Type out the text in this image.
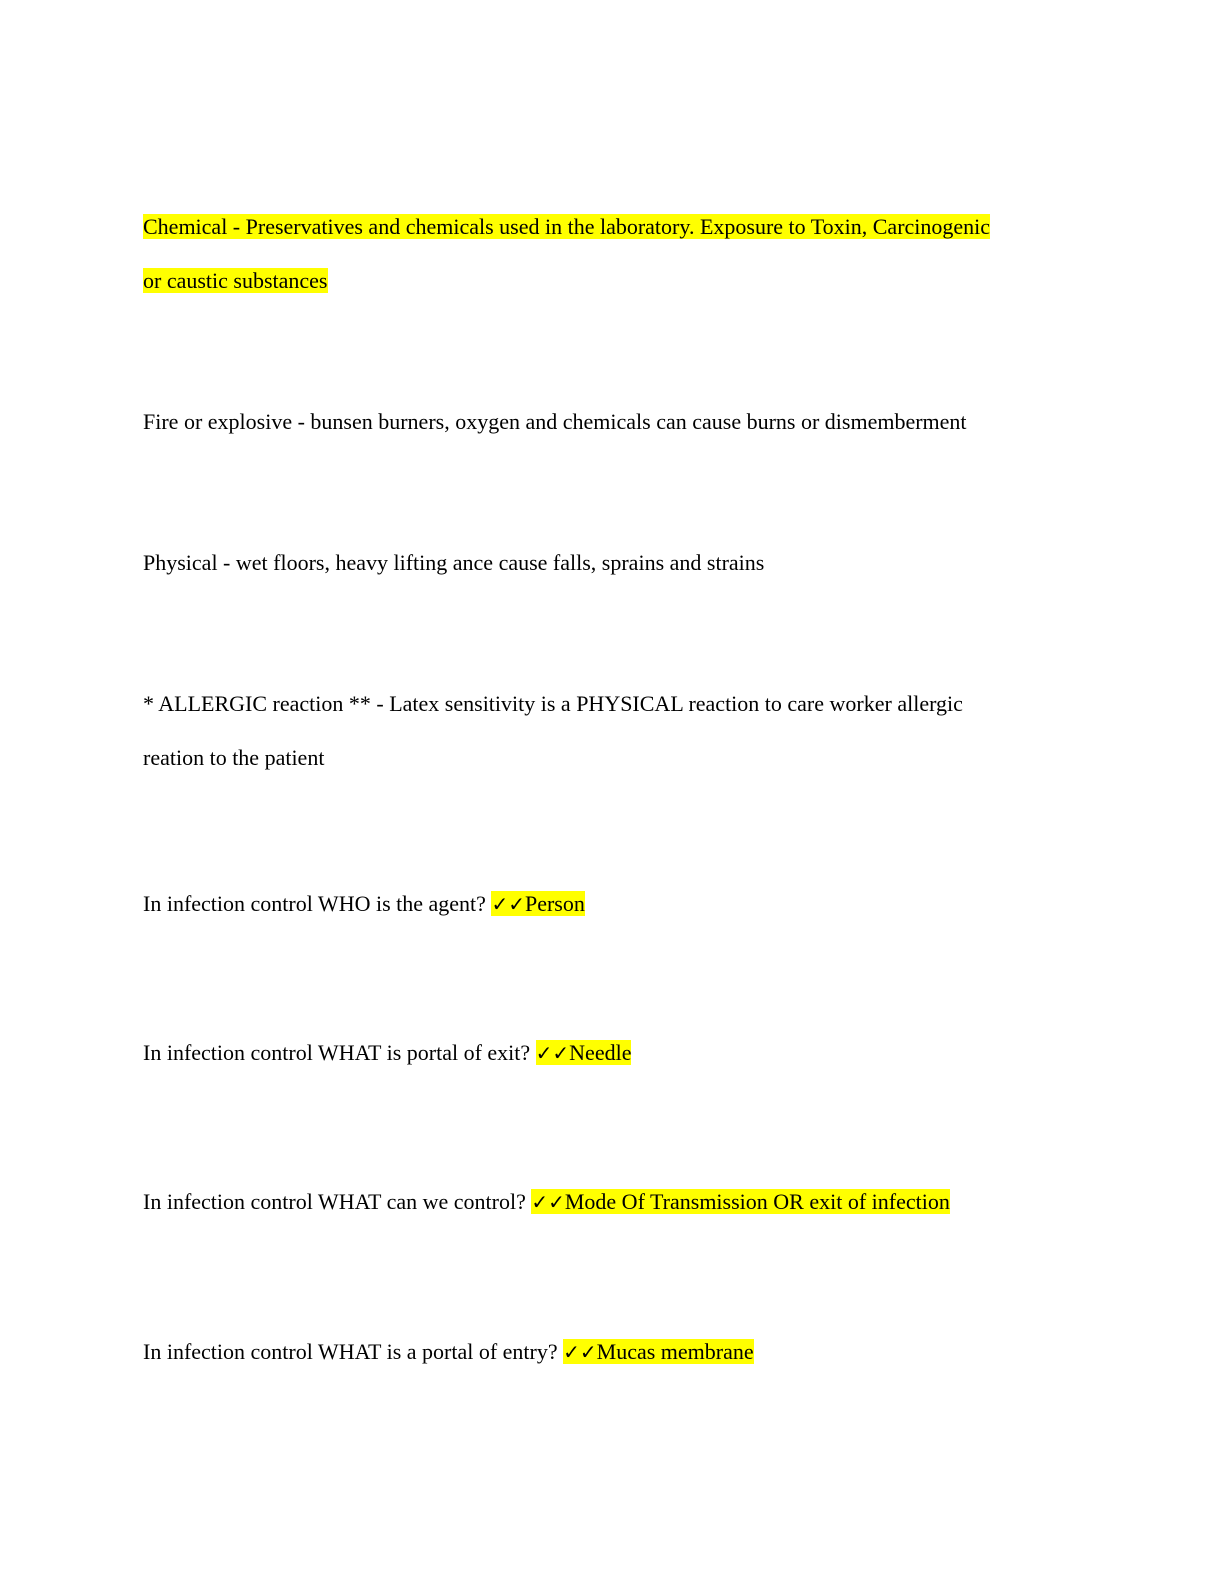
Chemical - Preservatives and chemicals used in the laboratory. Exposure to Toxin, Carcinogenic
or caustic substances

Fire or explosive - bunsen burners, oxygen and chemicals can cause burns or dismemberment

Physical - wet floors, heavy lifting ance cause falls, sprains and strains

* ALLERGIC reaction ** - Latex sensitivity is a PHYSICAL reaction to care worker allergic
reation to the patient

In infection control WHO is the agent? ✓✓Person

In infection control WHAT is portal of exit? ✓✓Needle

In infection control WHAT can we control? ✓✓Mode Of Transmission OR exit of infection

In infection control WHAT is a portal of entry? ✓✓Mucas membrane
